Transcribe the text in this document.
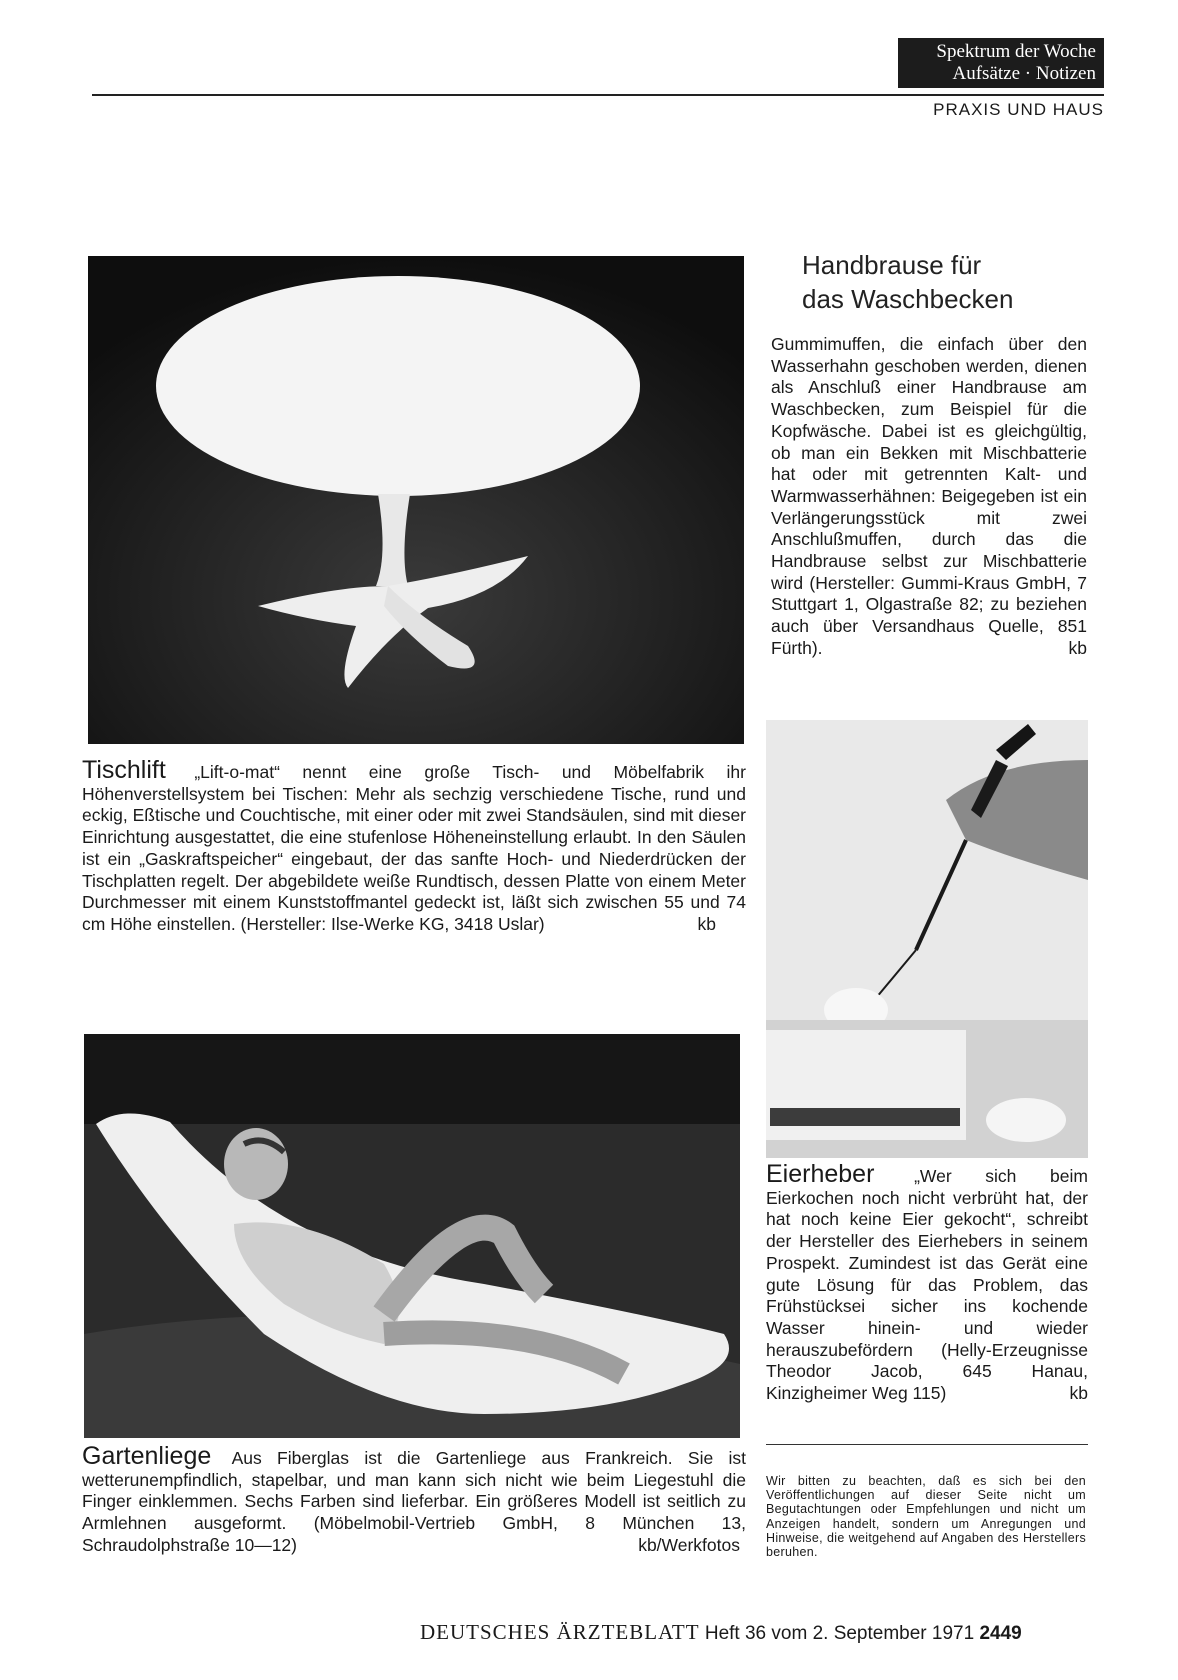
Spektrum der Woche
Aufsätze · Notizen
PRAXIS UND HAUS
Handbrause für
das Waschbecken
Gummimuffen, die einfach über den Wasserhahn geschoben werden, dienen als Anschluß einer Handbrause am Waschbecken, zum Beispiel für die Kopfwäsche. Dabei ist es gleichgültig, ob man ein Bekken mit Mischbatterie hat oder mit getrennten Kalt- und Warmwasserhähnen: Beigegeben ist ein Verlängerungsstück mit zwei Anschlußmuffen, durch das die Handbrause selbst zur Mischbatterie wird (Hersteller: Gummi-Kraus GmbH, 7 Stuttgart 1, Olgastraße 82; zu beziehen auch über Versandhaus Quelle, 851 Fürth).	kb
Tischlift „Lift-o-mat“ nennt eine große Tisch- und Möbelfabrik ihr Höhenverstellsystem bei Tischen: Mehr als sechzig verschiedene Tische, rund und eckig, Eßtische und Couchtische, mit einer oder mit zwei Standsäulen, sind mit dieser Einrichtung ausgestattet, die eine stufenlose Höheneinstellung erlaubt. In den Säulen ist ein „Gaskraftspeicher“ eingebaut, der das sanfte Hoch- und Niederdrücken der Tischplatten regelt. Der abgebildete weiße Rundtisch, dessen Platte von einem Meter Durchmesser mit einem Kunststoffmantel gedeckt ist, läßt sich zwischen 55 und 74 cm Höhe einstellen. (Hersteller: Ilse-Werke KG, 3418 Uslar)	kb
Eierheber „Wer sich beim Eierkochen noch nicht verbrüht hat, der hat noch keine Eier gekocht“, schreibt der Hersteller des Eierhebers in seinem Prospekt. Zumindest ist das Gerät eine gute Lösung für das Problem, das Frühstücksei sicher ins kochende Wasser hinein- und wieder herauszubefördern (Helly-Erzeugnisse Theodor Jacob, 645 Hanau, Kinzigheimer Weg 115)	kb
Gartenliege Aus Fiberglas ist die Gartenliege aus Frankreich. Sie ist wetterunempfindlich, stapelbar, und man kann sich nicht wie beim Liegestuhl die Finger einklemmen. Sechs Farben sind lieferbar. Ein größeres Modell ist seitlich zu Armlehnen ausgeformt. (Möbelmobil-Vertrieb GmbH, 8 München 13, Schraudolphstraße 10—12)	kb/Werkfotos
Wir bitten zu beachten, daß es sich bei den Veröffentlichungen auf dieser Seite nicht um Begutachtungen oder Empfehlungen und nicht um Anzeigen handelt, sondern um Anregungen und Hinweise, die weitgehend auf Angaben des Herstellers beruhen.
DEUTSCHES ÄRZTEBLATT Heft 36 vom 2. September 1971 2449
